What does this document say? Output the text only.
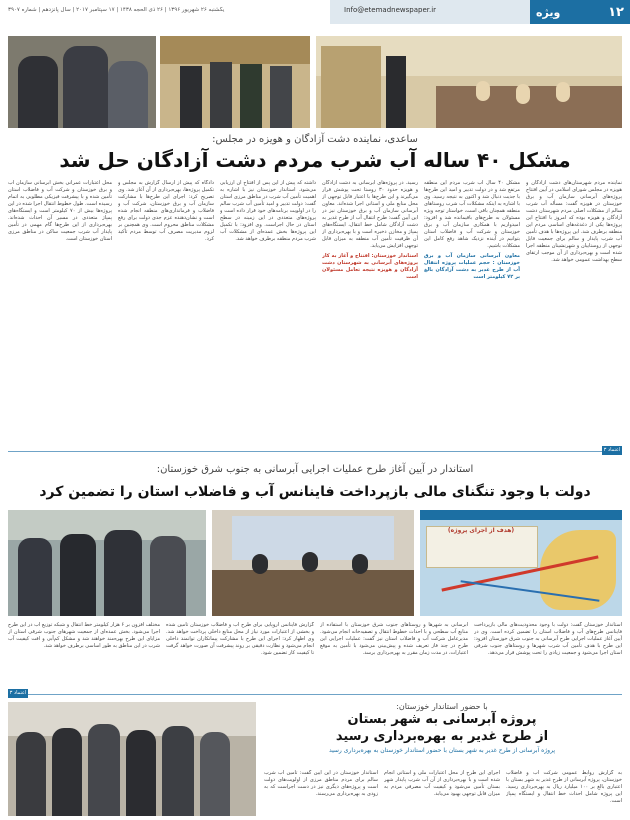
ویژه	۱۲
Info@etemadnewspaper.ir
یکشنبه ۲۶ شهریور ۱۳۹۶ | ۲۶ ذی الحجه ۱۴۳۸ | ۱۷ سپتامبر ۲۰۱۷ | سال پانزدهم | شماره ۳۹۰۷
ساعدی، نماینده دشت آزادگان و هویزه در مجلس:
مشکل ۴۰ ساله آب شرب مردم دشت آزادگان حل شد
نماینده مردم شهرستان‌های دشت آزادگان و هویزه در مجلس شورای اسلامی در آیین افتتاح پروژه‌های آبرسانی سازمان آب و برق خوزستان در هویزه گفت: مسأله آب شرب سالم از مشکلات اصلی مردم شهرستان دشت آزادگان و هویزه بوده که امروز با افتتاح این پروژه‌ها یکی از دغدغه‌های اساسی مردم این منطقه برطرف شد. این پروژه‌ها با هدف تأمین آب شرب پایدار و سالم برای جمعیت قابل توجهی از روستاییان و شهرنشینان منطقه اجرا شده است و بهره‌برداری از آن موجب ارتقای سطح بهداشت عمومی خواهد شد.
مشکل ۴۰ سال آب شرب مردم این منطقه مرتفع شد و در دولت تدبیر و امید این طرح‌ها با جدیت دنبال شد و اکنون به نتیجه رسید. وی با اشاره به اینکه مشکلات آب شرب روستاهای منطقه همچنان باقی است، خواستار توجه ویژه مسئولان به طرح‌های باقیمانده شد و افزود: امیدواریم با همکاری سازمان آب و برق خوزستان و شرکت آب و فاضلاب استان بتوانیم در آینده نزدیک شاهد رفع کامل این مشکلات باشیم.
معاون آبرسانی سازمان آب و برق خوزستان : حجم عملیات پروژه انتقال آب از طرح غدیر به دشت آزادگان بالغ بر ۷۲ کیلومتر است
رسید. در پروژه‌های آبرسانی به دشت آزادگان و هویزه حدود ۳۰ روستا تحت پوشش قرار می‌گیرند و این طرح‌ها با اعتبار قابل توجهی از محل منابع ملی و استانی اجرا شده‌اند. معاون آبرسانی سازمان آب و برق خوزستان نیز در این آیین گفت: طرح انتقال آب از طرح غدیر به دشت آزادگان شامل خط انتقال، ایستگاه‌های پمپاژ و مخازن ذخیره است و با بهره‌برداری از آن ظرفیت تأمین آب منطقه به میزان قابل توجهی افزایش می‌یابد.
استاندار خوزستان: افتتاح و آغاز به کار پروژه‌های آبرسانی به شهرستان دشت آزادگان و هویزه نتیجه تعامل مسئولان است
داشته که پیش از این پس از افتتاح آن ارزیابی می‌شود. استاندار خوزستان نیز با اشاره به اهمیت تأمین آب شرب در مناطق مرزی استان گفت: دولت تدبیر و امید تأمین آب شرب سالم را در اولویت برنامه‌های خود قرار داده است و پروژه‌های متعددی در این زمینه در سطح استان در حال اجراست. وی افزود: با تکمیل این پروژه‌ها بخش عمده‌ای از مشکلات آب شرب مردم منطقه برطرف خواهد شد.
دادگاه که پیش از ارسال گزارش به مجلس و تکمیل پروژه‌ها، بهره‌برداری از آن آغاز شد. وی تصریح کرد: اجرای این طرح‌ها با مشارکت سازمان آب و برق خوزستان، شرکت آب و فاضلاب و فرمانداری‌های منطقه انجام شده است و نشان‌دهنده عزم جدی دولت برای رفع مشکلات مناطق محروم است. وی همچنین بر لزوم مدیریت مصرف آب توسط مردم تأکید کرد.
محل اعتبارات عمرانی بخش آبرسانی سازمان آب و برق خوزستان و شرکت آب و فاضلاب استان تأمین شده و با پیشرفت فیزیکی مطلوبی به اتمام رسیده است. طول خطوط انتقال اجرا شده در این پروژه‌ها بیش از ۷۰ کیلومتر است و ایستگاه‌های پمپاژ متعددی در مسیر آن احداث شده‌اند. بهره‌برداری از این طرح‌ها گام مهمی در تأمین پایدار آب شرب جمعیت ساکن در مناطق مرزی استان خوزستان است.
اعتماد ۳
استاندار در آیین آغاز طرح عملیات اجرایی آبرسانی به جنوب شرق خوزستان:
دولت با وجود تنگنای مالی بازپرداخت فاینانس آب و فاضلاب استان را تضمین کرد
(هدف از اجرای پروژه)
استاندار خوزستان گفت: دولت با وجود محدودیت‌های مالی بازپرداخت فاینانس طرح‌های آب و فاضلاب استان را تضمین کرده است. وی در آیین آغاز عملیات اجرایی طرح آبرسانی به جنوب شرق خوزستان افزود: این طرح با هدف تأمین آب شرب شهرها و روستاهای جنوب شرقی استان اجرا می‌شود و جمعیت زیادی را تحت پوشش قرار می‌دهد.
آبرسانی به شهرها و روستاهای جنوب شرق خوزستان با استفاده از منابع آب سطحی و با احداث خطوط انتقال و تصفیه‌خانه انجام می‌شود. مدیرعامل شرکت آب و فاضلاب استان نیز گفت: عملیات اجرایی این طرح در چند فاز تعریف شده و پیش‌بینی می‌شود با تأمین به موقع اعتبارات، در مدت زمان مقرر به بهره‌برداری برسد.
گزارش فاینانس اروپایی برای طرح آب و فاضلاب خوزستان تأمین شده و بخشی از اعتبارات مورد نیاز از محل منابع داخلی پرداخت خواهد شد. وی اظهار کرد: اجرای این طرح با مشارکت پیمانکاران توانمند داخلی انجام می‌شود و نظارت دقیقی بر روند پیشرفت آن صورت خواهد گرفت تا کیفیت کار تضمین شود.
مختلف افزون بر ۶ هزار کیلومتر خط انتقال و شبکه توزیع آب در این طرح اجرا می‌شود. بخش عمده‌ای از جمعیت شهرهای جنوب شرقی استان از مزایای این طرح بهره‌مند خواهند شد و مشکل کم‌آبی و افت کیفیت آب شرب در این مناطق به طور اساسی برطرف خواهد شد.
اعتماد ۳
با حضور استاندار خوزستان:
پروژه آبرسانی به شهر بستان
از طرح غدیر به بهره‌برداری رسید
پروژه آبرسانی از طرح غدیر به شهر بستان با حضور استاندار خوزستان به بهره‌برداری رسید
به گزارش روابط عمومی شرکت آب و فاضلاب خوزستان، پروژه آبرسانی از طرح غدیر به شهر بستان با اعتباری بالغ بر ۱۰۰ میلیارد ریال به بهره‌برداری رسید. این پروژه شامل احداث خط انتقال و ایستگاه پمپاژ است.
اجرای این طرح از محل اعتبارات ملی و استانی انجام شده است و با بهره‌برداری از آن آب شرب پایدار شهر بستان تأمین می‌شود و کیفیت آب مصرفی مردم به میزان قابل توجهی بهبود می‌یابد.
استاندار خوزستان در این آیین گفت: تأمین آب شرب سالم برای مردم مناطق مرزی از اولویت‌های دولت است و پروژه‌های دیگری نیز در دست اجراست که به زودی به بهره‌برداری می‌رسند.
